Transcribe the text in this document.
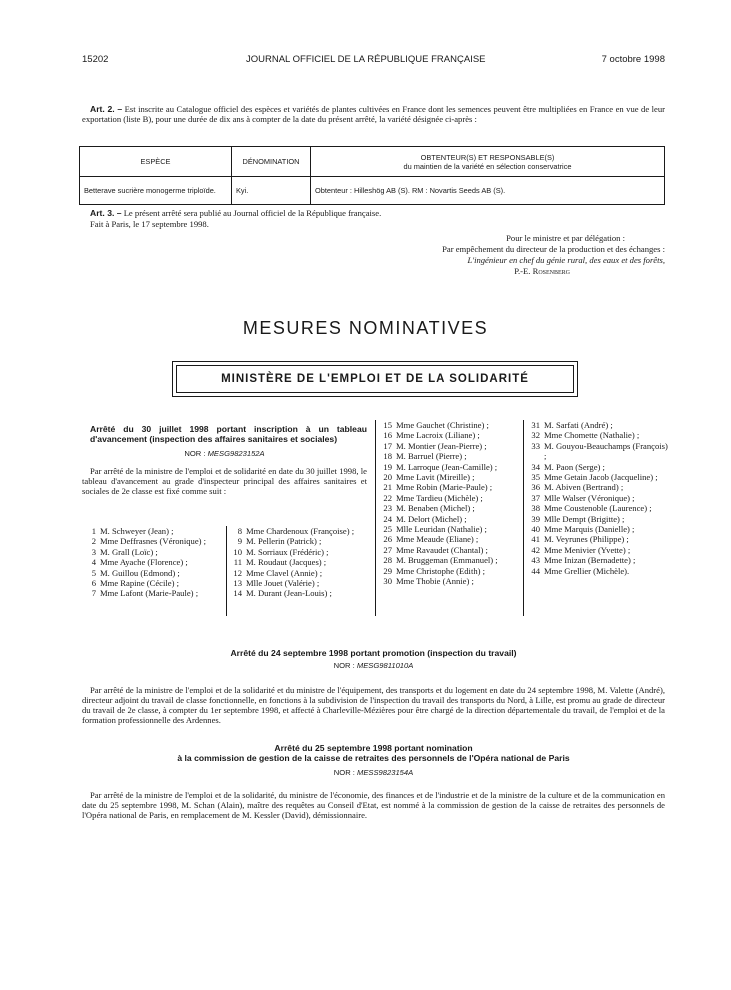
15202	JOURNAL OFFICIEL DE LA RÉPUBLIQUE FRANÇAISE	7 octobre 1998
Art. 2. – Est inscrite au Catalogue officiel des espèces et variétés de plantes cultivées en France dont les semences peuvent être multipliées en France en vue de leur exportation (liste B), pour une durée de dix ans à compter de la date du présent arrêté, la variété désignée ci-après :
ESPÈCE	DÉNOMINATION	OBTENTEUR(S) ET RESPONSABLE(S)
du maintien de la variété en sélection conservatrice

Betterave sucrière monogerme triploïde.	Kyi.	Obtenteur : Hilleshög AB (S). RM : Novartis Seeds AB (S).
Art. 3. – Le présent arrêté sera publié au Journal officiel de la République française.
Fait à Paris, le 17 septembre 1998.
Pour le ministre et par délégation :
Par empêchement du directeur de la production et des échanges :
L'ingénieur en chef du génie rural, des eaux et des forêts,
P.-E. Rosenberg
MESURES NOMINATIVES
MINISTÈRE DE L'EMPLOI ET DE LA SOLIDARITÉ
Arrêté du 30 juillet 1998 portant inscription à un tableau d'avancement (inspection des affaires sanitaires et sociales)
NOR : MESG9823152A
Par arrêté de la ministre de l'emploi et de solidarité en date du 30 juillet 1998, le tableau d'avancement au grade d'inspecteur principal des affaires sanitaires et sociales de 2e classe est fixé comme suit :
1 M. Schweyer (Jean) ;
2 Mme Deffrasnes (Véronique) ;
3 M. Grall (Loïc) ;
4 Mme Ayache (Florence) ;
5 M. Guillou (Edmond) ;
6 Mme Rapine (Cécile) ;
7 Mme Lafont (Marie-Paule) ;
8 Mme Chardenoux (Françoise) ;
9 M. Pellerin (Patrick) ;
10 M. Sorriaux (Frédéric) ;
11 M. Roudaut (Jacques) ;
12 Mme Clavel (Annie) ;
13 Mlle Jouet (Valérie) ;
14 M. Durant (Jean-Louis) ;
15 Mme Gauchet (Christine) ;
16 Mme Lacroix (Liliane) ;
17 M. Montier (Jean-Pierre) ;
18 M. Barruel (Pierre) ;
19 M. Larroque (Jean-Camille) ;
20 Mme Lavit (Mireille) ;
21 Mme Robin (Marie-Paule) ;
22 Mme Tardieu (Michèle) ;
23 M. Benaben (Michel) ;
24 M. Delort (Michel) ;
25 Mlle Leuridan (Nathalie) ;
26 Mme Meaude (Eliane) ;
27 Mme Ravaudet (Chantal) ;
28 M. Bruggeman (Emmanuel) ;
29 Mme Christophe (Edith) ;
30 Mme Thobie (Annie) ;
31 M. Sarfati (André) ;
32 Mme Chomette (Nathalie) ;
33 M. Gouyou-Beauchamps (François) ;
34 M. Paon (Serge) ;
35 Mme Getain Jacob (Jacqueline) ;
36 M. Abiven (Bertrand) ;
37 Mlle Walser (Véronique) ;
38 Mme Coustenoble (Laurence) ;
39 Mlle Dempt (Brigitte) ;
40 Mme Marquis (Danielle) ;
41 M. Veyrunes (Philippe) ;
42 Mme Menivier (Yvette) ;
43 Mme Inizan (Bernadette) ;
44 Mme Grellier (Michèle).
Arrêté du 24 septembre 1998 portant promotion (inspection du travail)
NOR : MESG9811010A
Par arrêté de la ministre de l'emploi et de la solidarité et du ministre de l'équipement, des transports et du logement en date du 24 septembre 1998, M. Valette (André), directeur adjoint du travail de classe fonctionnelle, en fonctions à la subdivision de l'inspection du travail des transports du Nord, à Lille, est promu au grade de directeur du travail de 2e classe, à compter du 1er septembre 1998, et affecté à Charleville-Mézières pour être chargé de la direction départementale du travail, de l'emploi et de la formation professionnelle des Ardennes.
Arrêté du 25 septembre 1998 portant nomination
à la commission de gestion de la caisse de retraites des personnels de l'Opéra national de Paris
NOR : MESS9823154A
Par arrêté de la ministre de l'emploi et de la solidarité, du ministre de l'économie, des finances et de l'industrie et de la ministre de la culture et de la communication en date du 25 septembre 1998, M. Schan (Alain), maître des requêtes au Conseil d'Etat, est nommé à la commission de gestion de la caisse de retraites des personnels de l'Opéra national de Paris, en remplacement de M. Kessler (David), démissionnaire.
